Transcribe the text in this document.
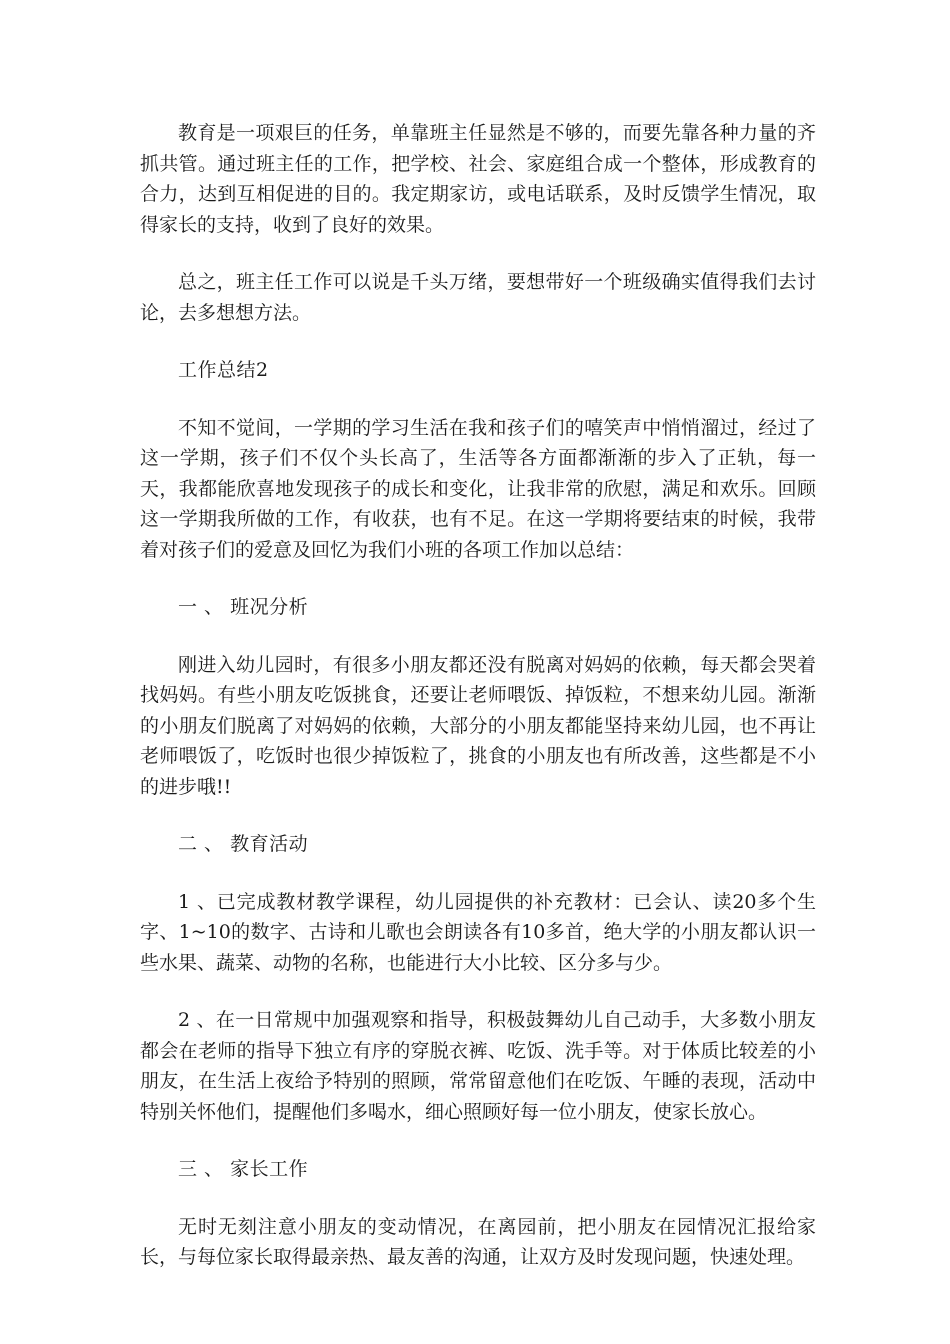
教育是一项艰巨的任务，单靠班主任显然是不够的，而要先靠各种力量的齐抓共管。通过班主任的工作，把学校、社会、家庭组合成一个整体，形成教育的合力，达到互相促进的目的。我定期家访，或电话联系，及时反馈学生情况，取得家长的支持，收到了良好的效果。

总之，班主任工作可以说是千头万绪，要想带好一个班级确实值得我们去讨论，去多想想方法。

工作总结2

不知不觉间，一学期的学习生活在我和孩子们的嘻笑声中悄悄溜过，经过了这一学期，孩子们不仅个头长高了，生活等各方面都渐渐的步入了正轨，每一天，我都能欣喜地发现孩子的成长和变化，让我非常的欣慰，满足和欢乐。回顾这一学期我所做的工作，有收获，也有不足。在这一学期将要结束的时候，我带着对孩子们的爱意及回忆为我们小班的各项工作加以总结：

一 、 班况分析

刚进入幼儿园时，有很多小朋友都还没有脱离对妈妈的依赖，每天都会哭着找妈妈。有些小朋友吃饭挑食，还要让老师喂饭、掉饭粒，不想来幼儿园。渐渐的小朋友们脱离了对妈妈的依赖，大部分的小朋友都能坚持来幼儿园，也不再让老师喂饭了，吃饭时也很少掉饭粒了，挑食的小朋友也有所改善，这些都是不小的进步哦!!

二 、 教育活动

1 、已完成教材教学课程，幼儿园提供的补充教材：已会认、读20多个生字、1~10的数字、古诗和儿歌也会朗读各有10多首，绝大学的小朋友都认识一些水果、蔬菜、动物的名称，也能进行大小比较、区分多与少。

2 、在一日常规中加强观察和指导，积极鼓舞幼儿自己动手，大多数小朋友都会在老师的指导下独立有序的穿脱衣裤、吃饭、洗手等。对于体质比较差的小朋友，在生活上夜给予特别的照顾，常常留意他们在吃饭、午睡的表现，活动中特别关怀他们，提醒他们多喝水，细心照顾好每一位小朋友，使家长放心。

三 、 家长工作

无时无刻注意小朋友的变动情况，在离园前，把小朋友在园情况汇报给家长，与每位家长取得最亲热、最友善的沟通，让双方及时发现问题，快速处理。
